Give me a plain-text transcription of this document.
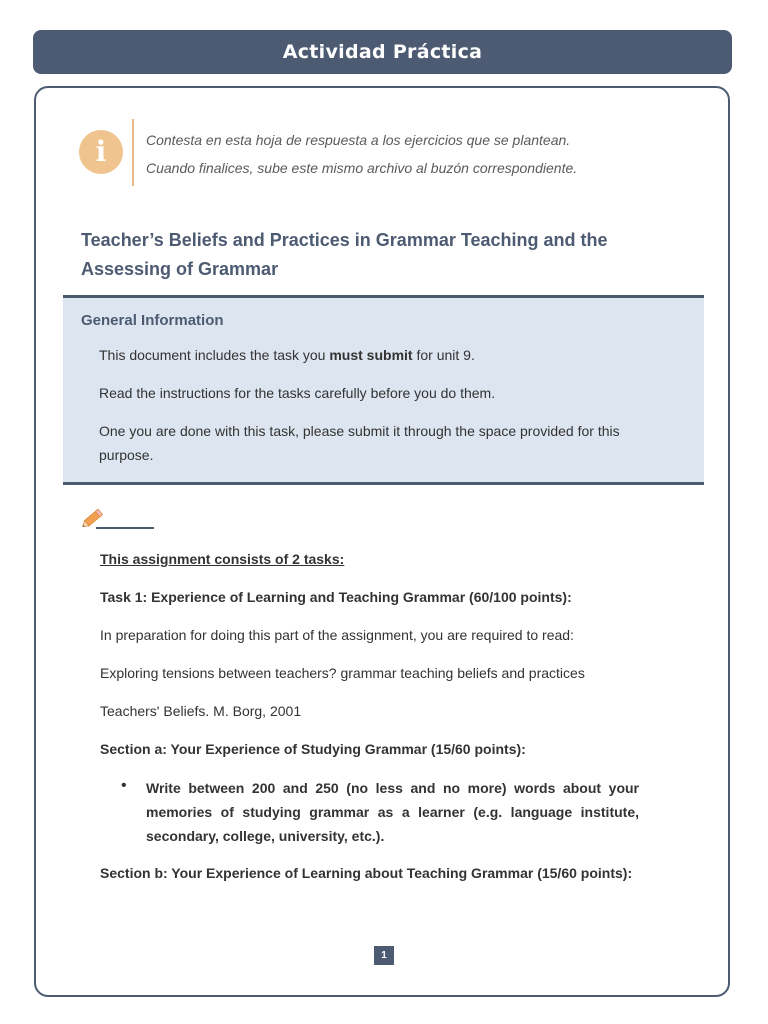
Actividad Práctica
i	Contesta en esta hoja de respuesta a los ejercicios que se plantean.
Cuando finalices, sube este mismo archivo al buzón correspondiente.
Teacher’s Beliefs and Practices in Grammar Teaching and the Assessing of Grammar
General Information
This document includes the task you must submit for unit 9.
Read the instructions for the tasks carefully before you do them.
One you are done with this task, please submit it through the space provided for this purpose.
This assignment consists of 2 tasks:
Task 1: Experience of Learning and Teaching Grammar (60/100 points):
In preparation for doing this part of the assignment, you are required to read:
Exploring tensions between teachers? grammar teaching beliefs and practices
Teachers' Beliefs. M. Borg, 2001
Section a: Your Experience of Studying Grammar (15/60 points):
• Write between 200 and 250 (no less and no more) words about your memories of studying grammar as a learner (e.g. language institute, secondary, college, university, etc.).
Section b: Your Experience of Learning about Teaching Grammar (15/60 points):
1
